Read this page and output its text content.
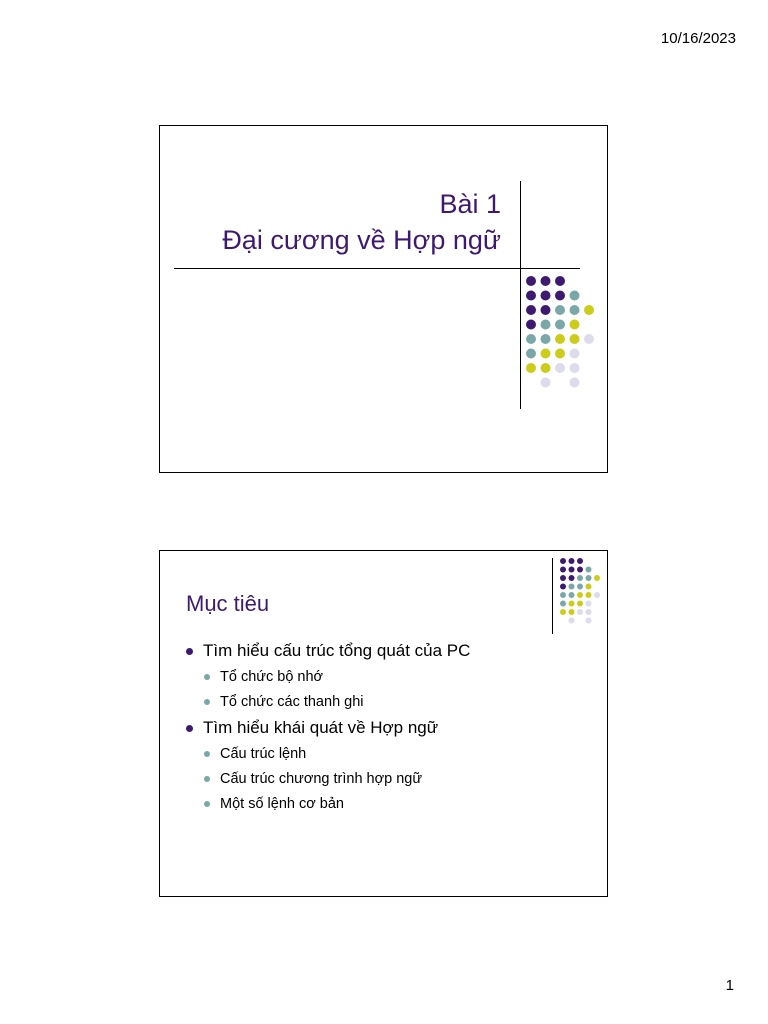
10/16/2023
Bài 1
Đại cương về Hợp ngữ
Mục tiêu
Tìm hiểu cấu trúc tổng quát của PC
Tổ chức bộ nhớ
Tổ chức các thanh ghi
Tìm hiểu khái quát về Hợp ngữ
Cấu trúc lệnh
Cấu trúc chương trình hợp ngữ
Một số lệnh cơ bản
1
